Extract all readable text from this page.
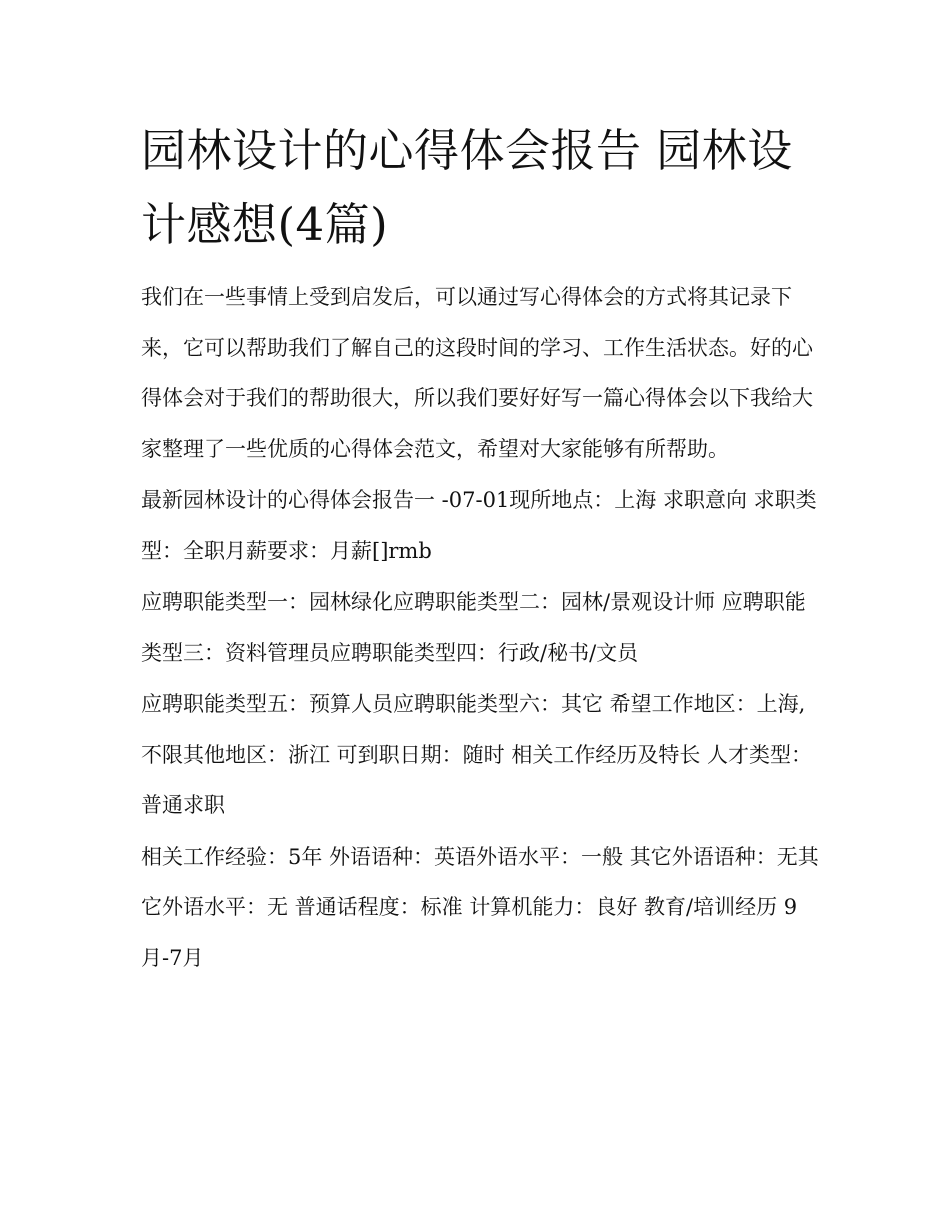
园林设计的心得体会报告 园林设计感想(4篇)

我们在一些事情上受到启发后，可以通过写心得体会的方式将其记录下来，它可以帮助我们了解自己的这段时间的学习、工作生活状态。好的心得体会对于我们的帮助很大，所以我们要好好写一篇心得体会以下我给大家整理了一些优质的心得体会范文，希望对大家能够有所帮助。

最新园林设计的心得体会报告一 -07-01现所地点：上海 求职意向 求职类型：全职月薪要求：月薪[]rmb

应聘职能类型一：园林绿化应聘职能类型二：园林/景观设计师 应聘职能类型三：资料管理员应聘职能类型四：行政/秘书/文员

应聘职能类型五：预算人员应聘职能类型六：其它 希望工作地区：上海,不限其他地区：浙江 可到职日期：随时 相关工作经历及特长 人才类型：普通求职

相关工作经验：5年 外语语种：英语外语水平：一般 其它外语语种：无其它外语水平：无 普通话程度：标准 计算机能力：良好 教育/培训经历 9月-7月
